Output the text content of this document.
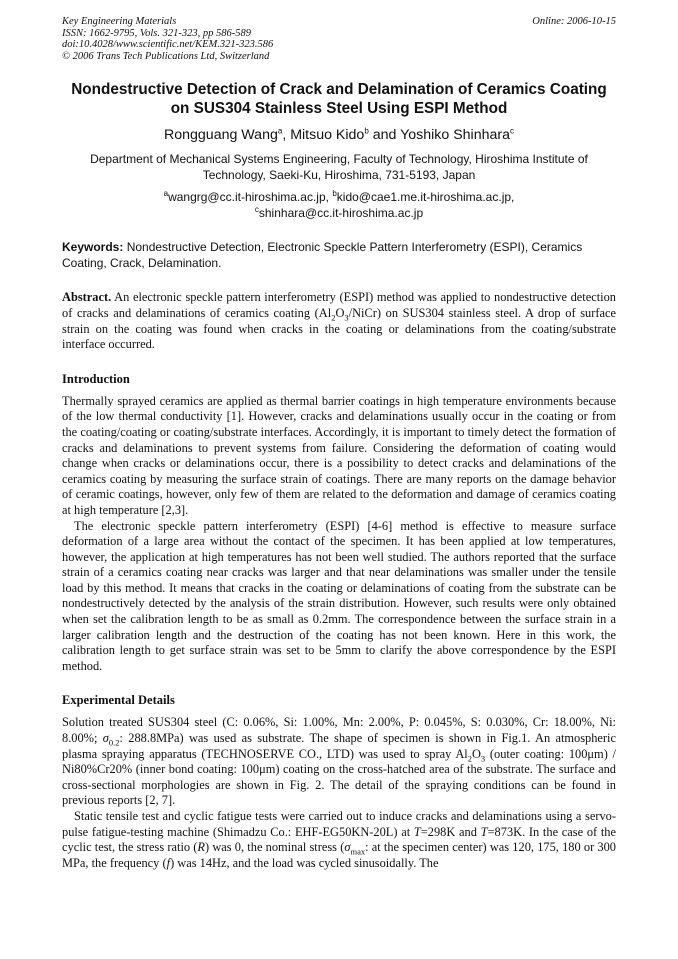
Key Engineering Materials
ISSN: 1662-9795, Vols. 321-323, pp 586-589
doi:10.4028/www.scientific.net/KEM.321-323.586
© 2006 Trans Tech Publications Ltd, Switzerland
Online: 2006-10-15
Nondestructive Detection of Crack and Delamination of Ceramics Coating on SUS304 Stainless Steel Using ESPI Method
Rongguang Wang$^a$, Mitsuo Kido$^b$ and Yoshiko Shinhara$^c$
Department of Mechanical Systems Engineering, Faculty of Technology, Hiroshima Institute of Technology, Saeki-Ku, Hiroshima, 731-5193, Japan
$^a$wangrg@cc.it-hiroshima.ac.jp, $^b$kido@cae1.me.it-hiroshima.ac.jp,
$^c$shinhara@cc.it-hiroshima.ac.jp
Keywords: Nondestructive Detection, Electronic Speckle Pattern Interferometry (ESPI), Ceramics Coating, Crack, Delamination.
Abstract. An electronic speckle pattern interferometry (ESPI) method was applied to nondestructive detection of cracks and delaminations of ceramics coating $(Al_2O_3/NiCr)$ on SUS304 stainless steel. A drop of surface strain on the coating was found when cracks in the coating or delaminations from the coating/substrate interface occurred.
Introduction

Thermally sprayed ceramics are applied as thermal barrier coatings in high temperature environments because of the low thermal conductivity [1]. However, cracks and delaminations usually occur in the coating or from the coating/coating or coating/substrate interfaces. Accordingly, it is important to timely detect the formation of cracks and delaminations to prevent systems from failure. Considering the deformation of coating would change when cracks or delaminations occur, there is a possibility to detect cracks and delaminations of the ceramics coating by measuring the surface strain of coatings. There are many reports on the damage behavior of ceramic coatings, however, only few of them are related to the deformation and damage of ceramics coating at high temperature [2,3].

The electronic speckle pattern interferometry (ESPI) [4-6] method is effective to measure surface deformation of a large area without the contact of the specimen. It has been applied at low temperatures, however, the application at high temperatures has not been well studied. The authors reported that the surface strain of a ceramics coating near cracks was larger and that near delaminations was smaller under the tensile load by this method. It means that cracks in the coating or delaminations of coating from the substrate can be nondestructively detected by the analysis of the strain distribution. However, such results were only obtained when set the calibration length to be as small as 0.2mm. The correspondence between the surface strain in a larger calibration length and the destruction of the coating has not been known. Here in this work, the calibration length to get surface strain was set to be 5mm to clarify the above correspondence by the ESPI method.

Experimental Details

Solution treated SUS304 steel (C: 0.06%, Si: 1.00%, Mn: 2.00%, P: 0.045%, S: 0.030%, Cr: 18.00%, Ni: 8.00%; $\sigma_{0.2}$: 288.8MPa) was used as substrate. The shape of specimen is shown in Fig.1. An atmospheric plasma spraying apparatus (TECHNOSERVE CO., LTD) was used to spray $Al_2O_3$ (outer coating: 100μm) / Ni80%Cr20% (inner bond coating: 100μm) coating on the cross-hatched area of the substrate. The surface and cross-sectional morphologies are shown in Fig. 2. The detail of the spraying conditions can be found in previous reports [2, 7].

Static tensile test and cyclic fatigue tests were carried out to induce cracks and delaminations using a servo-pulse fatigue-testing machine (Shimadzu Co.: EHF-EG50KN-20L) at T=298K and T=873K. In the case of the cyclic test, the stress ratio (R) was 0, the nominal stress ($\sigma_{max}$: at the specimen center) was 120, 175, 180 or 300 MPa, the frequency (f) was 14Hz, and the load was cycled sinusoidally. The
